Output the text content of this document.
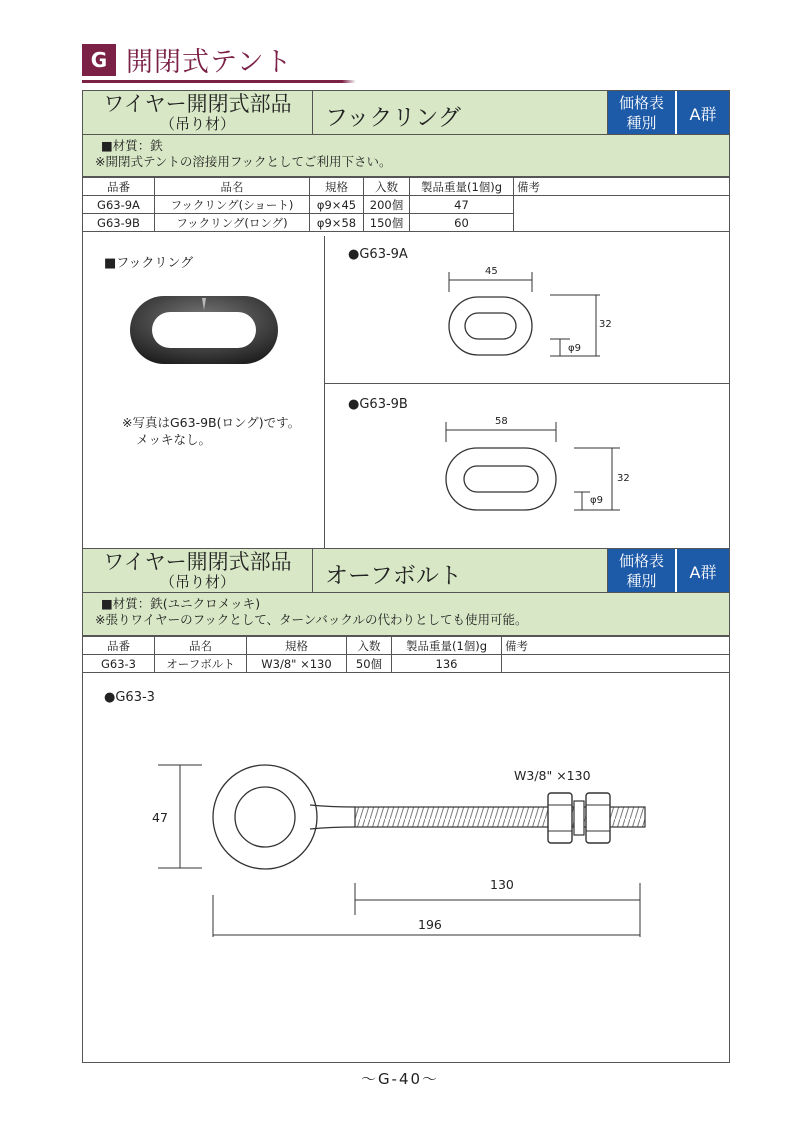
G 開閉式テント
ワイヤー開閉式部品
（吊り材）	フックリング
価格表
種別	A群
■材質：鉄
※開閉式テントの溶接用フックとしてご利用下さい。
品番	品名	規格	入数	製品重量(1個)g	備考
G63-9A	フックリング(ショート)	φ9×45	200個	47	
G63-9B	フックリング(ロング)	φ9×58	150個	60	
■フックリング
※写真はG63-9B(ロング)です。
メッキなし。
●G63-9A
45
32
φ9
●G63-9B
58
32
φ9
ワイヤー開閉式部品
（吊り材）	オーフボルト
価格表
種別	A群
■材質：鉄(ユニクロメッキ)
※張りワイヤーのフックとして、ターンバックルの代わりとしても使用可能。
品番	品名	規格	入数	製品重量(1個)g	備考
G63-3	オーフボルト	W3/8" ×130	50個	136	
●G63-3
47
W3/8" ×130
130
196
～G-40～
